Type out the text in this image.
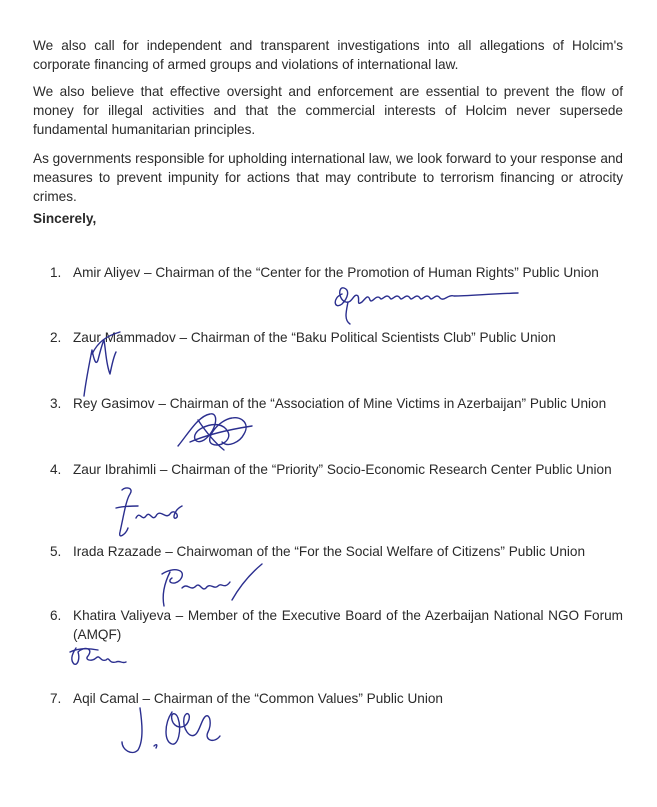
We also call for independent and transparent investigations into all allegations of Holcim's corporate financing of armed groups and violations of international law.

We also believe that effective oversight and enforcement are essential to prevent the flow of money for illegal activities and that the commercial interests of Holcim never supersede fundamental humanitarian principles.

As governments responsible for upholding international law, we look forward to your response and measures to prevent impunity for actions that may contribute to terrorism financing or atrocity crimes.

Sincerely,

1. Amir Aliyev – Chairman of the “Center for the Promotion of Human Rights” Public Union
2. Zaur Mammadov – Chairman of the “Baku Political Scientists Club” Public Union
3. Rey Gasimov – Chairman of the “Association of Mine Victims in Azerbaijan” Public Union
4. Zaur Ibrahimli – Chairman of the “Priority” Socio-Economic Research Center Public Union
5. Irada Rzazade – Chairwoman of the “For the Social Welfare of Citizens” Public Union
6. Khatira Valiyeva – Member of the Executive Board of the Azerbaijan National NGO Forum (AMQF)
7. Aqil Camal – Chairman of the “Common Values” Public Union
